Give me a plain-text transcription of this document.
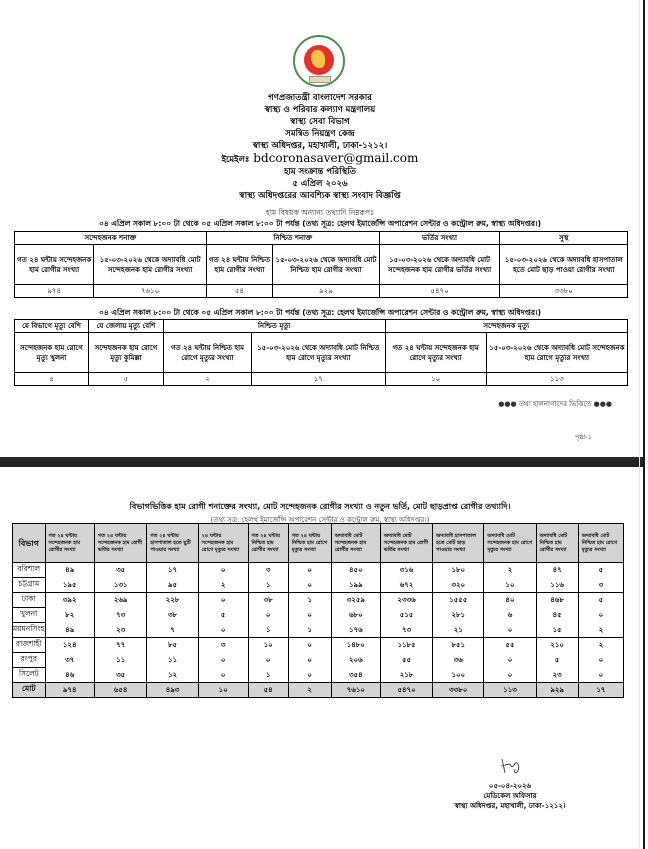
গণপ্রজাতন্ত্রী বাংলাদেশ সরকার
স্বাস্থ্য ও পরিবার কল্যাণ মন্ত্রণালয়
স্বাস্থ্য সেবা বিভাগ
সমন্বিত নিয়ন্ত্রণ কেন্দ্র
স্বাস্থ্য অধিদপ্তর, মহাখালী, ঢাকা-১২১২।
ইমেইলঃ bdcoronasaver@gmail.com
হাম সংক্রান্ত পরিস্থিতি
৫ এপ্রিল ২০২৬
স্বাস্থ্য অধিদপ্তরের আবশ্যিক স্বাস্থ্য সংবাদ বিজ্ঞপ্তি
হাম বিষয়ক অন্যান্য তথ্যাদি নিম্নরূপঃ
০৪ এপ্রিল সকাল ৮:০০ টা থেকে ০৫ এপ্রিল সকাল ৮:০০ টা পর্যন্ত (তথ্য সূত্র: হেলথ ইমার্জেন্সি অপারেশন সেন্টার ও কন্ট্রোল রুম, স্বাস্থ্য অধিদপ্তর।)
সন্দেহজনক শনাক্ত		নিশ্চিত শনাক্ত		ভর্তির সংখ্যা	সুস্থ
গত ২৪ ঘন্টায় সন্দেহজনক হাম রোগীর সংখ্যা	১৫-০৩-২০২৬ থেকে অদ্যাবধি মোট সন্দেহজনক হাম রোগীর সংখ্যা	গত ২৪ ঘন্টায় নিশ্চিত হাম রোগীর সংখ্যা	১৫-০৩-২০২৬ থেকে অদ্যাবধি মোট নিশ্চিত হাম রোগীর সংখ্যা	১৫-০৩-২০২৬ থেকে অদ্যাবধি মোট সন্দেহজনক হাম রোগীর ভর্তির সংখ্যা	১৫-০৩-২০২৬ থেকে অদ্যাবধি হাসপাতাল হতে মোট ছাড় পাওয়া রোগীর সংখ্যা
৯৭৪	৭৬১০	৫৪	৯২৯	৫৪৭০	৩৩৮০
০৪ এপ্রিল সকাল ৮:০০ টা থেকে ০৫ এপ্রিল সকাল ৮:০০ টা পর্যন্ত (তথ্য সূত্র: হেলথ ইমার্জেন্সি অপারেশন সেন্টার ও কন্ট্রোল রুম, স্বাস্থ্য অধিদপ্তর।)
যে বিভাগে মৃত্যু বেশি	যে জেলায় মৃত্যু বেশি	নিশ্চিত মৃত্যু		সন্দেহজনক মৃত্যু	
সন্দেহজনক হাম রোগে মৃত্যু খুলনা	সন্দেহজনক হাম রোগে মৃত্যু কুমিল্লা	গত ২৪ ঘন্টায় নিশ্চিত হাম রোগে মৃত্যুর সংখ্যা	১৫-০৩-২০২৬ থেকে অদ্যাবধি মোট নিশ্চিত হাম রোগে মৃত্যুর সংখ্যা	গত ২৪ ঘন্টায় সন্দেহজনক হাম রোগে মৃত্যুর সংখ্যা	১৫-০৩-২০২৬ থেকে অদ্যাবধি মোট সন্দেহজনক হাম রোগে মৃত্যুর সংখ্যা
৫	৫	২	১৭	১০	১১৩
●●● তথ্য হালনাগাদের ভিত্তিতে ●●●
পৃষ্ঠা-১
বিভাগভিত্তিক হাম রোগী শনাক্তের সংখ্যা, মোট সন্দেহজনক রোগীর সংখ্যা ও নতুন ভর্তি, মোট ছাড়প্রাপ্ত রোগীর তথ্যাদি।
(তথ্য সূত্র: হেলথ ইমার্জেন্সি অপারেশন সেন্টার ও কন্ট্রোল রুম, স্বাস্থ্য অধিদপ্তর।)
বিভাগ	গত ২৪ ঘন্টায় সন্দেহজনক হাম রোগীর সংখ্যা	গত ২৪ ঘন্টায় সন্দেহজনক হাম রোগী ভর্তির সংখ্যা	গত ২৪ ঘন্টায় হাসপাতাল হতে ছুটি পাওয়ার সংখ্যা	২৪ ঘন্টায় সন্দেহজনক হাম রোগে মৃত্যুর সংখ্যা	গত ২৪ ঘন্টায় নিশ্চিত হাম রোগীর সংখ্যা	গত ২৪ ঘন্টায় নিশ্চিত হাম রোগে মৃত্যুর সংখ্যা	অদ্যাবধি মোট সন্দেহজনক হাম রোগীর সংখ্যা	অদ্যাবধি মোট সন্দেহজনক হাম রোগী ভর্তির সংখ্যা	অদ্যাবধি হাসপাতাল হতে মোট ছাড় পাওয়ার সংখ্যা	অদ্যাবধি মোট সন্দেহজনক হাম রোগে মৃত্যুর সংখ্যা	অদ্যাবধি মোট নিশ্চিত হাম রোগীর সংখ্যা	অদ্যাবধি মোট নিশ্চিত হাম রোগে মৃত্যুর সংখ্যা
বরিশাল	৪৯	৩৫	১৭	০	৩	০	৪৫০	৩১৬	১৮০	২	৪৭	৫
চট্টগ্রাম	১৯৫	১৩১	৯৫	২	১	০	১৯৯	৬৭২	৩২০	১০	১১৬	৩
ঢাকা	৩৯২	২৬৯	২২৮	০	৩৮	১	৩২৫৯	২৩৩৬	১৫৫৫	৪০	৪৬৮	৫
খুলনা	৮২	৭৩	৩৮	৫	০	০	৬৮০	৫১৫	২৮১	৬	৪৫	০
ময়মনসিংহ	৪৯	২৩	৭	০	১	১	১৭৬	৭৩	২১	০	১৫	২
রাজশাহী	১২৪	৭৭	৮৫	৩	১০	০	১৪৮০	১১৮৫	৮৫১	৫৫	২১০	২
রংপুর	৩৭	১১	১১	০	০	০	২০৬	৫৫	৩৬	০	৫	০
সিলেট	৪৬	৩৫	১২	০	১	০	৩৫৪	২১৮	১০০	০	২৩	০
মোট	৯৭৪	৬৫৪	৪৯৩	১০	৫৪	২	৭৬১০	৫৪৭০	৩৩৮০	১১৩	৯২৯	১৭
০৫-০৪-২০২৬
মেডিকেল অফিসার
স্বাস্থ্য অধিদপ্তর, মহাখালী, ঢাকা-১২১২।
